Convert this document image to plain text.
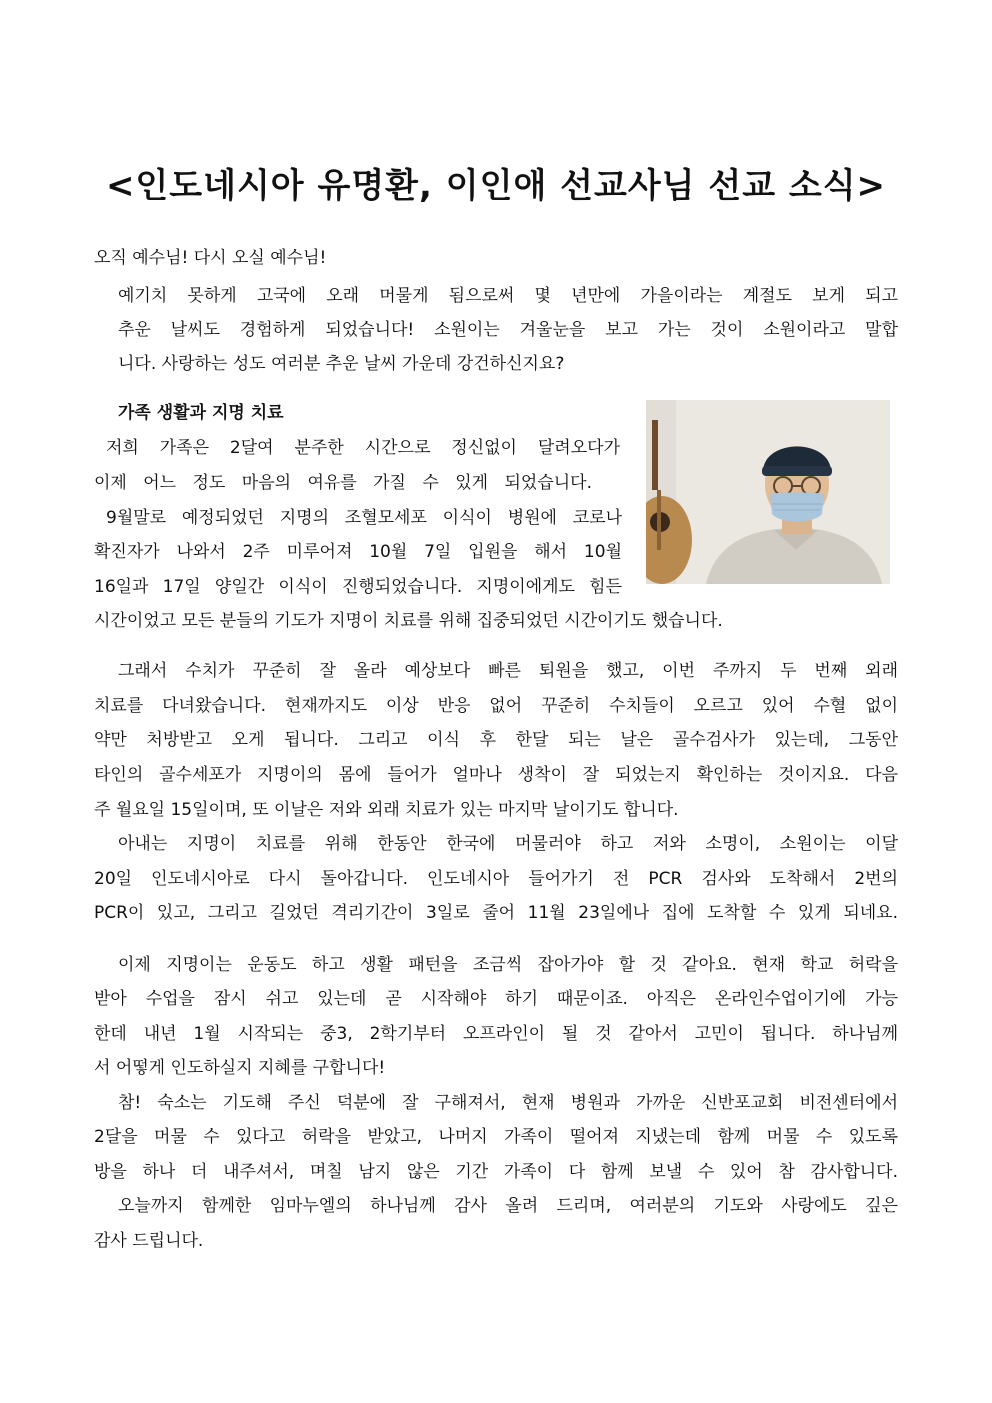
<인도네시아 유명환, 이인애 선교사님 선교 소식>
오직 예수님! 다시 오실 예수님!
예기치 못하게 고국에 오래 머물게 됨으로써 몇 년만에 가을이라는 계절도 보게 되고
추운 날씨도 경험하게 되었습니다! 소원이는 겨울눈을 보고 가는 것이 소원이라고 말합
니다. 사랑하는 성도 여러분 추운 날씨 가운데 강건하신지요?
가족 생활과 지명 치료
저희 가족은 2달여 분주한 시간으로 정신없이 달려오다가
이제 어느 정도 마음의 여유를 가질 수 있게 되었습니다.
9월말로 예정되었던 지명의 조혈모세포 이식이 병원에 코로나
확진자가 나와서 2주 미루어져 10월 7일 입원을 해서 10월
16일과 17일 양일간 이식이 진행되었습니다. 지명이에게도 힘든
시간이었고 모든 분들의 기도가 지명이 치료를 위해 집중되었던 시간이기도 했습니다.
그래서 수치가 꾸준히 잘 올라 예상보다 빠른 퇴원을 했고, 이번 주까지 두 번째 외래
치료를 다녀왔습니다. 현재까지도 이상 반응 없어 꾸준히 수치들이 오르고 있어 수혈 없이
약만 처방받고 오게 됩니다. 그리고 이식 후 한달 되는 날은 골수검사가 있는데, 그동안
타인의 골수세포가 지명이의 몸에 들어가 얼마나 생착이 잘 되었는지 확인하는 것이지요. 다음
주 월요일 15일이며, 또 이날은 저와 외래 치료가 있는 마지막 날이기도 합니다.
아내는 지명이 치료를 위해 한동안 한국에 머물러야 하고 저와 소명이, 소원이는 이달
20일 인도네시아로 다시 돌아갑니다. 인도네시아 들어가기 전 PCR 검사와 도착해서 2번의
PCR이 있고, 그리고 길었던 격리기간이 3일로 줄어 11월 23일에나 집에 도착할 수 있게 되네요.
이제 지명이는 운동도 하고 생활 패턴을 조금씩 잡아가야 할 것 같아요. 현재 학교 허락을
받아 수업을 잠시 쉬고 있는데 곧 시작해야 하기 때문이죠. 아직은 온라인수업이기에 가능
한데 내년 1월 시작되는 중3, 2학기부터 오프라인이 될 것 같아서 고민이 됩니다. 하나님께
서 어떻게 인도하실지 지혜를 구합니다!
참! 숙소는 기도해 주신 덕분에 잘 구해져서, 현재 병원과 가까운 신반포교회 비전센터에서
2달을 머물 수 있다고 허락을 받았고, 나머지 가족이 떨어져 지냈는데 함께 머물 수 있도록
방을 하나 더 내주셔서, 며칠 남지 않은 기간 가족이 다 함께 보낼 수 있어 참 감사합니다.
오늘까지 함께한 임마누엘의 하나님께 감사 올려 드리며, 여러분의 기도와 사랑에도 깊은
감사 드립니다.
